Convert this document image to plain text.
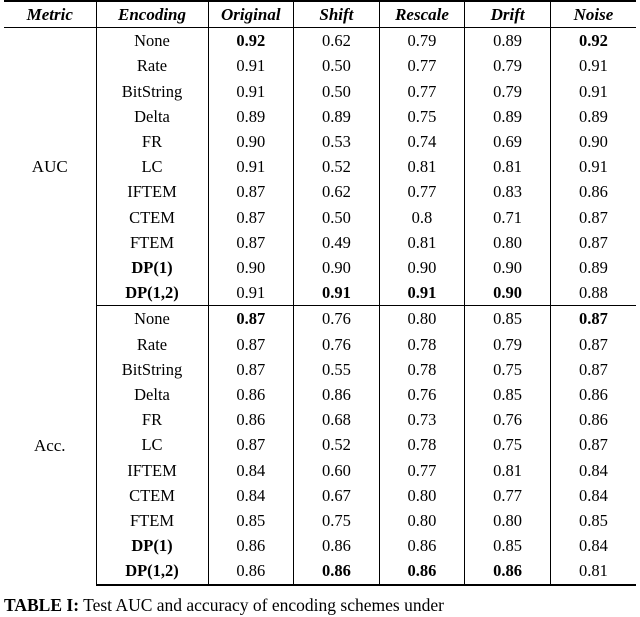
Metric	Encoding	Original	Shift	Rescale	Drift	Noise
AUC	None	0.92	0.62	0.79	0.89	0.92
	Rate	0.91	0.50	0.77	0.79	0.91
	BitString	0.91	0.50	0.77	0.79	0.91
	Delta	0.89	0.89	0.75	0.89	0.89
	FR	0.90	0.53	0.74	0.69	0.90
	LC	0.91	0.52	0.81	0.81	0.91
	IFTEM	0.87	0.62	0.77	0.83	0.86
	CTEM	0.87	0.50	0.8	0.71	0.87
	FTEM	0.87	0.49	0.81	0.80	0.87
	DP(1)	0.90	0.90	0.90	0.90	0.89
	DP(1,2)	0.91	0.91	0.91	0.90	0.88
Acc.	None	0.87	0.76	0.80	0.85	0.87
	Rate	0.87	0.76	0.78	0.79	0.87
	BitString	0.87	0.55	0.78	0.75	0.87
	Delta	0.86	0.86	0.76	0.85	0.86
	FR	0.86	0.68	0.73	0.76	0.86
	LC	0.87	0.52	0.78	0.75	0.87
	IFTEM	0.84	0.60	0.77	0.81	0.84
	CTEM	0.84	0.67	0.80	0.77	0.84
	FTEM	0.85	0.75	0.80	0.80	0.85
	DP(1)	0.86	0.86	0.86	0.85	0.84
	DP(1,2)	0.86	0.86	0.86	0.86	0.81
TABLE I: Test AUC and accuracy of encoding schemes under
